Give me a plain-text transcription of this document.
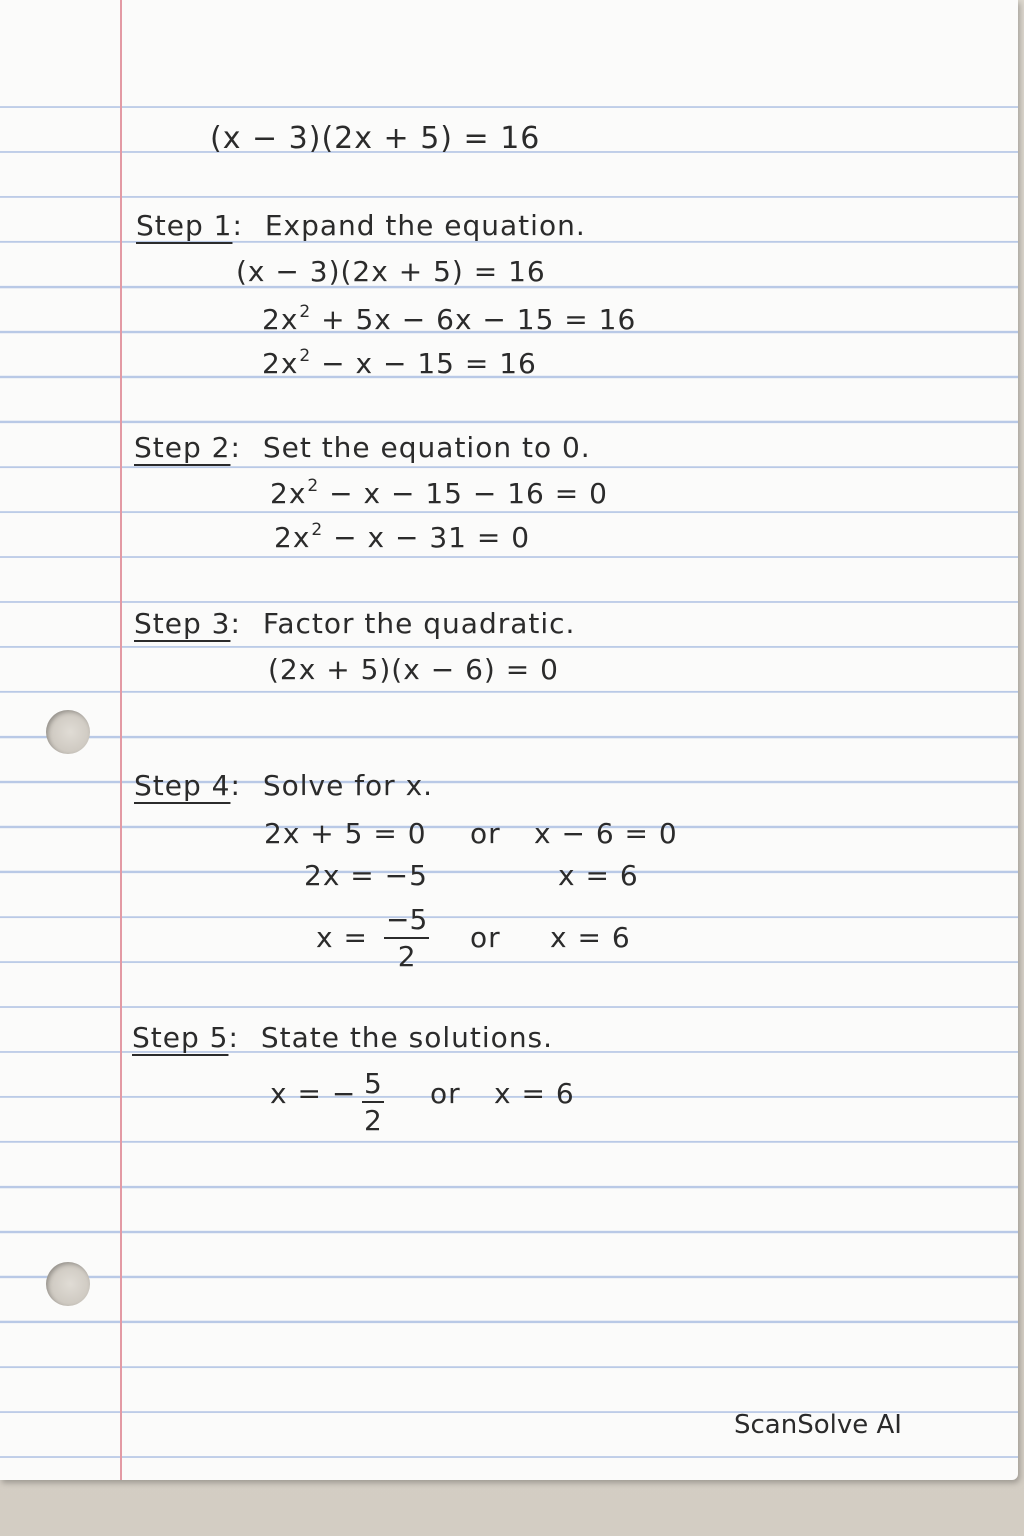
(x − 3)(2x + 5) = 16
Step 1: Expand the equation.
(x − 3)(2x + 5) = 16
$2x^2 + 5x - 6x - 15 = 16$
$2x^2 - x - 15 = 16$
Step 2: Set the equation to 0.
$2x^2 - x - 15 - 16 = 0$
$2x^2 - x - 31 = 0$
Step 3: Factor the quadratic.
(2x + 5)(x − 6) = 0
Step 4: Solve for x.
2x + 5 = 0 or x − 6 = 0
2x = −5	x = 6
$x = \frac{-5}{2}$ or x = 6
Step 5: State the solutions.
x = − $\frac{5}{2}$ or x = 6
ScanSolve AI
